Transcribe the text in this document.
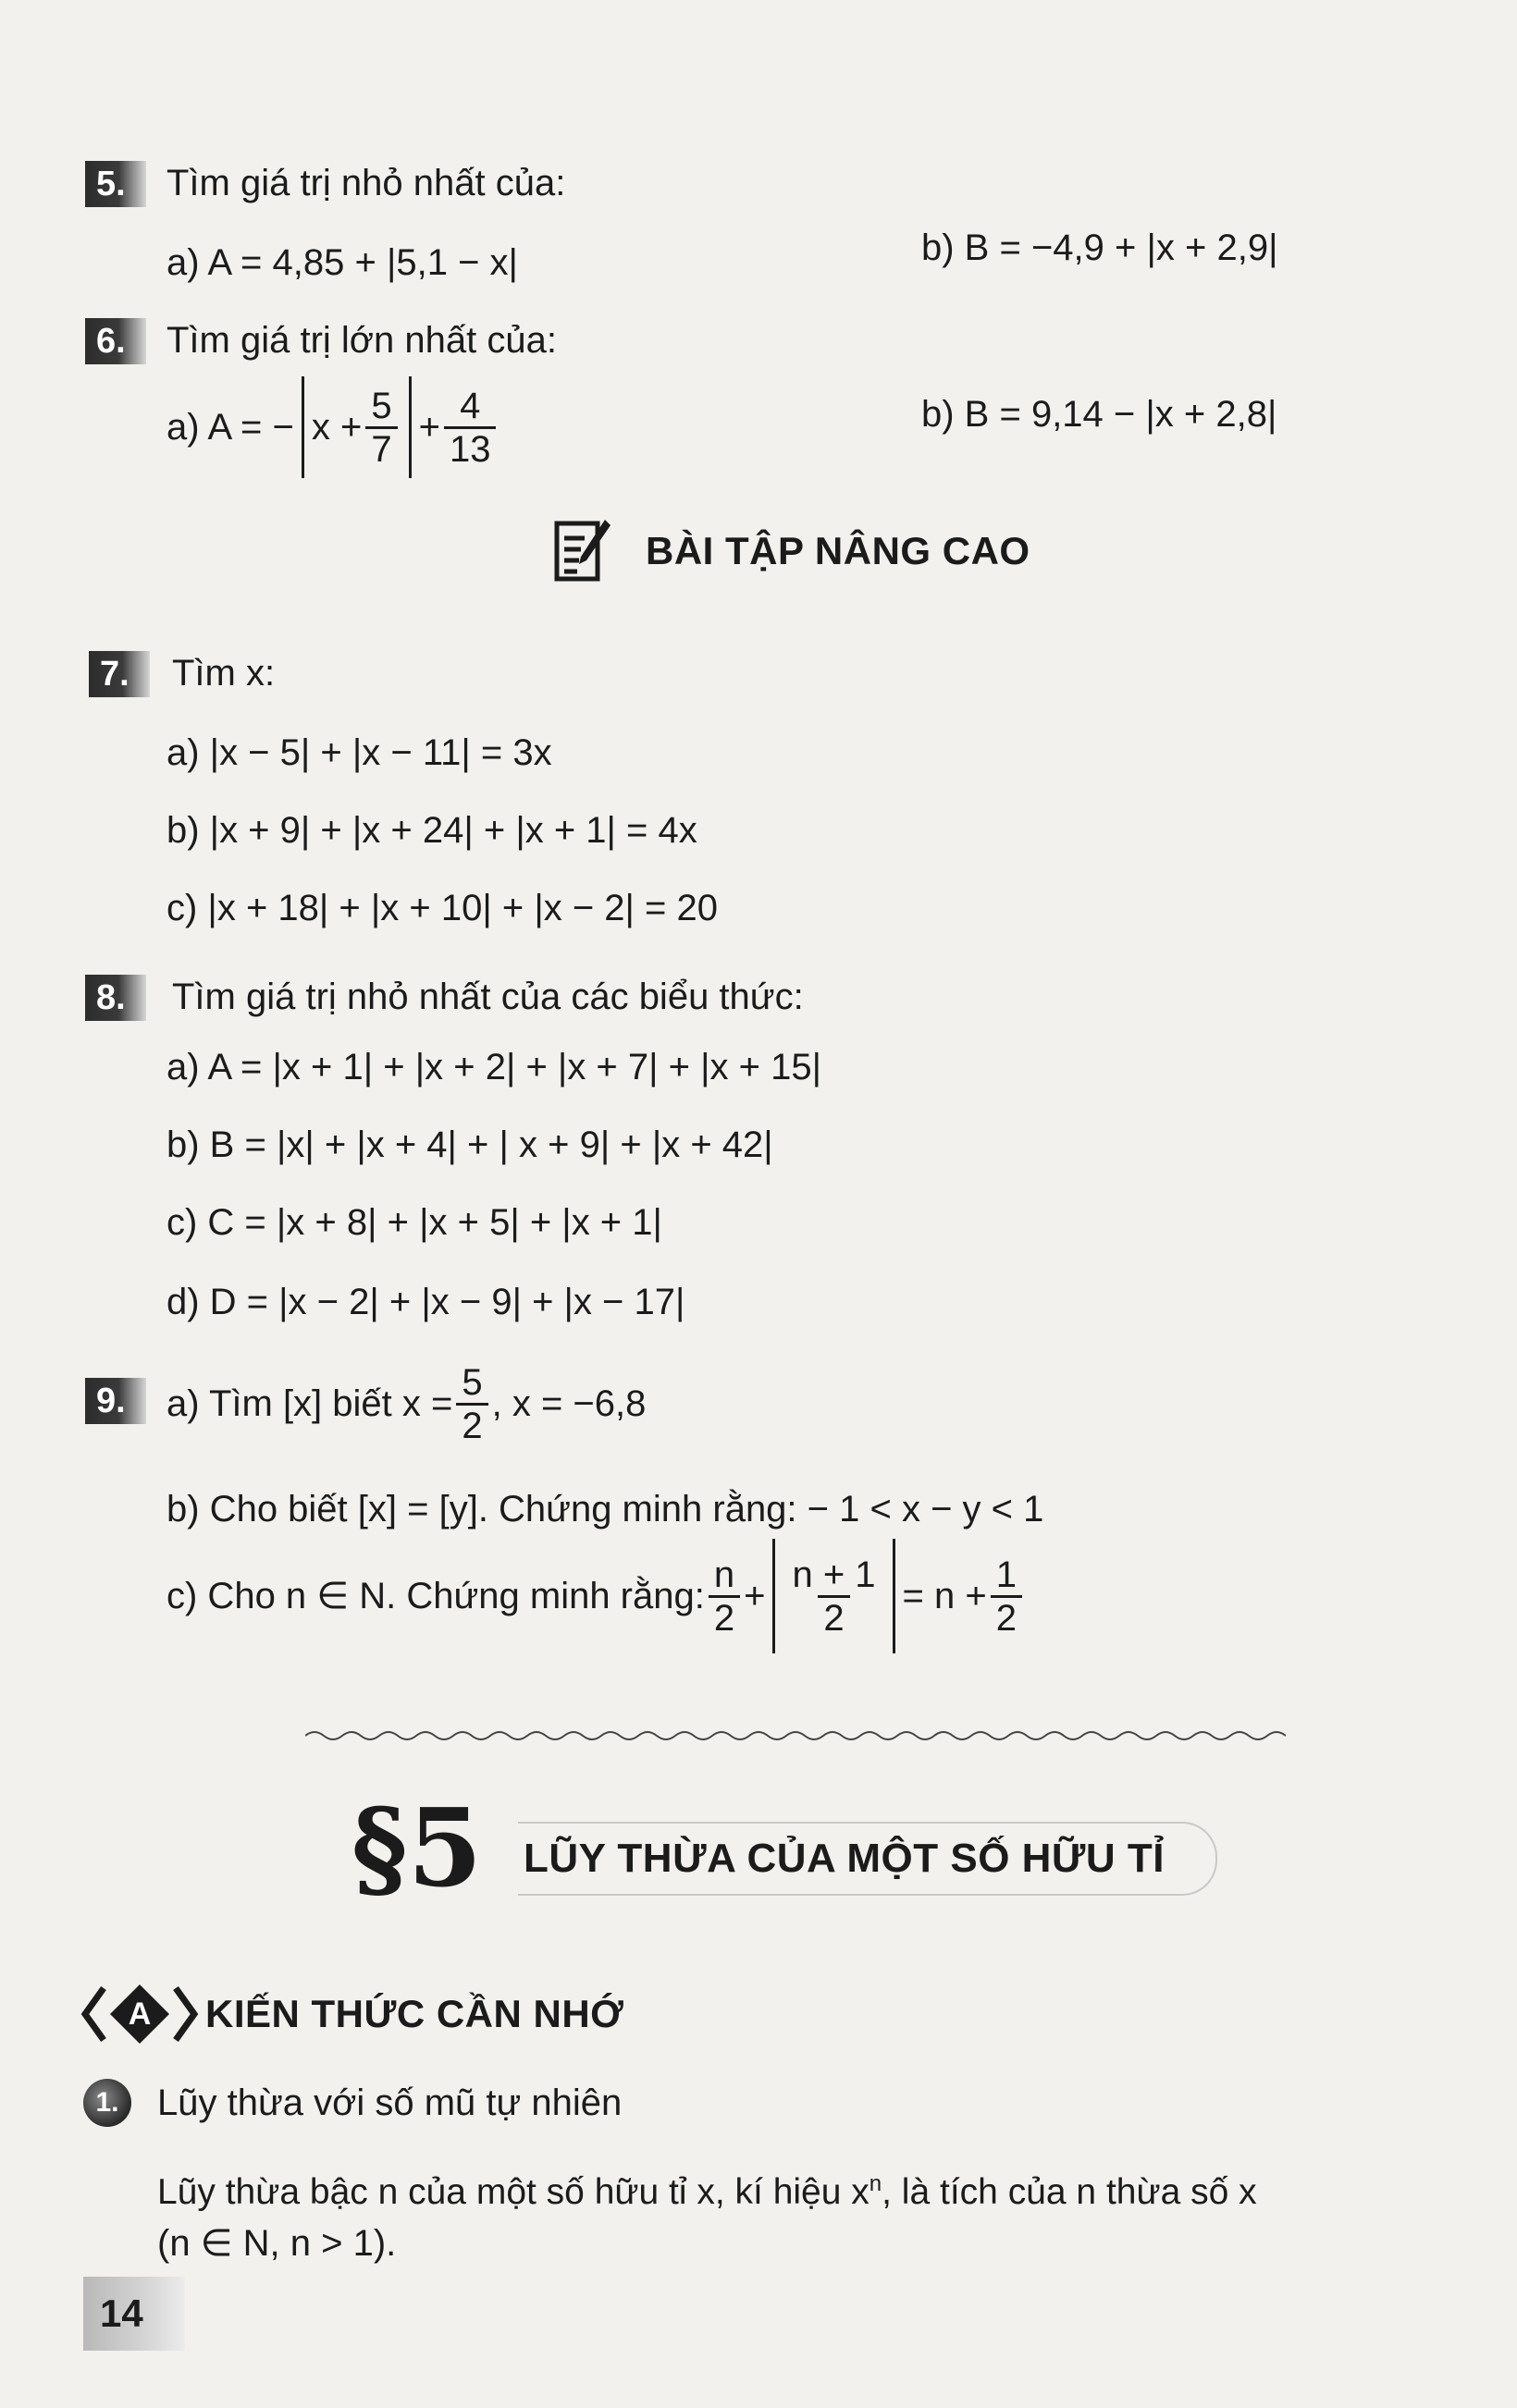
5.	Tìm giá trị nhỏ nhất của:
a) A = 4,85 + |5,1 − x|	b) B = −4,9 + |x + 2,9|
6.	Tìm giá trị lớn nhất của:
a) A = − $x + \frac{5}{7} + \frac{4}{13}$	b) B = 9,14 − |x + 2,8|
BÀI TẬP NÂNG CAO
7.	Tìm x:
a) |x − 5| + |x − 11| = 3x
b) |x + 9| + |x + 24| + |x + 1| = 4x
c) |x + 18| + |x + 10| + |x − 2| = 20
8.	Tìm giá trị nhỏ nhất của các biểu thức:
a) A = |x + 1| + |x + 2| + |x + 7| + |x + 15|
b) B = |x| + |x + 4| + | x + 9| + |x + 42|
c) C = |x + 8| + |x + 5| + |x + 1|
d) D = |x − 2| + |x − 9| + |x − 17|
9.	a) Tìm [x] biết $x = \frac{5}{2}$ , x = −6,8
b) Cho biết [x] = [y]. Chứng minh rằng: − 1 < x − y < 1
c) Cho n ∈ N. Chứng minh rằng: $\frac{n}{2} + \frac{n + 1}{2} = n + \frac{1}{2}$
§5 LŨY THỪA CỦA MỘT SỐ HỮU TỈ
A KIẾN THỨC CẦN NHỚ
1.	Lũy thừa với số mũ tự nhiên
Lũy thừa bậc n của một số hữu tỉ x, kí hiệu $x^n$, là tích của n thừa số x
(n ∈ N, n > 1).
14
